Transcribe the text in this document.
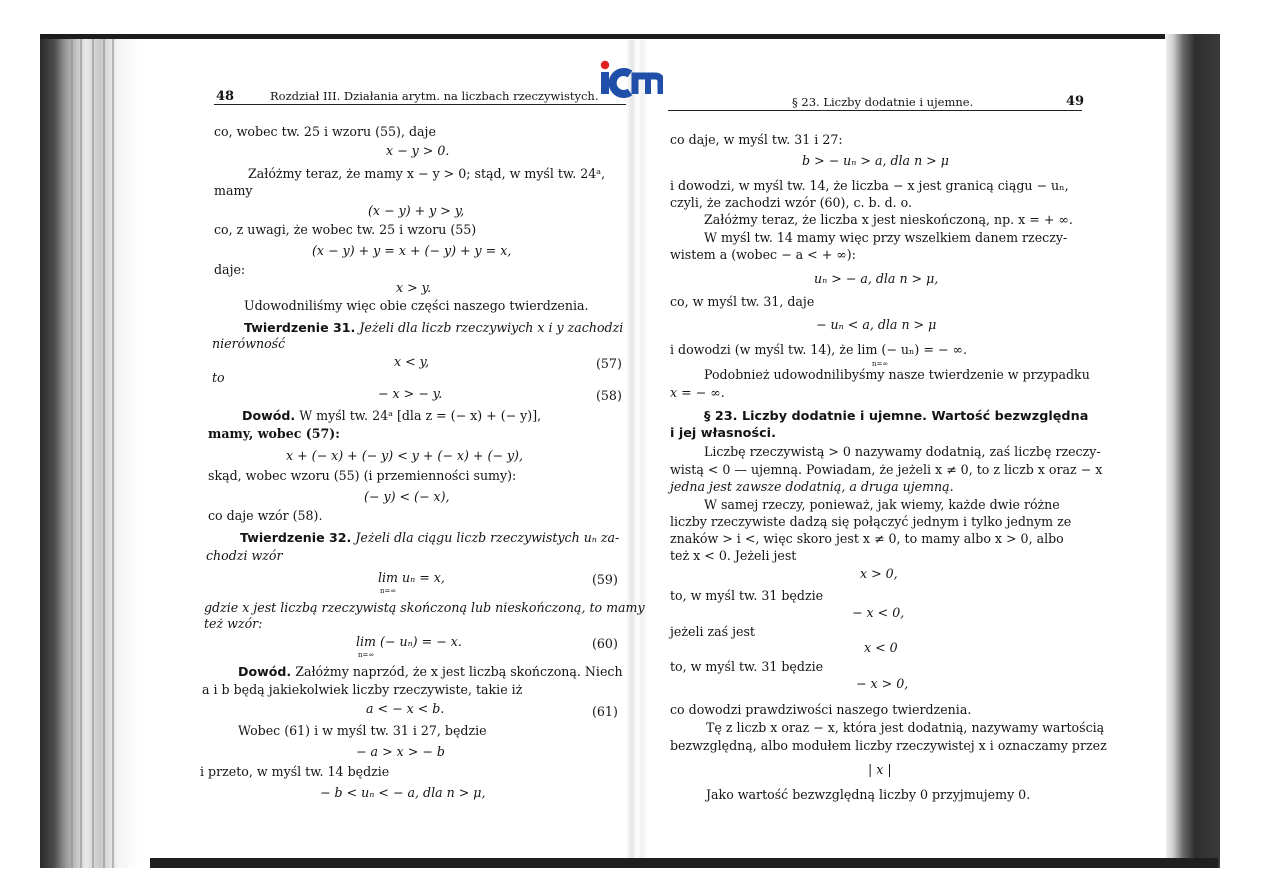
48	Rozdział III. Działania arytm. na liczbach rzeczywistych.
co, wobec tw. 25 i wzoru (55), daje
x − y > 0.
Załóżmy teraz, że mamy x − y > 0; stąd, w myśl tw. 24ᵃ,
mamy
(x − y) + y > y,
co, z uwagi, że wobec tw. 25 i wzoru (55)
(x − y) + y = x + (− y) + y = x,
daje:
x > y.
Udowodniliśmy więc obie części naszego twierdzenia.
Twierdzenie 31. Jeżeli dla liczb rzeczywiych x i y zachodzi
nierówność
x < y,	(57)
to
− x > − y.	(58)
Dowód. W myśl tw. 24ᵃ [dla z = (− x) + (− y)],
mamy, wobec (57):
x + (− x) + (− y) < y + (− x) + (− y),
skąd, wobec wzoru (55) (i przemienności sumy):
(− y) < (− x),
co daje wzór (58).
Twierdzenie 32. Jeżeli dla ciągu liczb rzeczywistych uₙ za-
chodzi wzór
lim uₙ = x,
n=∞
(59)
gdzie x jest liczbą rzeczywistą skończoną lub nieskończoną, to mamy
też wzór:
lim (− uₙ) = − x.
n=∞
(60)
Dowód. Załóżmy naprzód, że x jest liczbą skończoną. Niech
a i b będą jakiekolwiek liczby rzeczywiste, takie iż
a < − x < b.	(61)
Wobec (61) i w myśl tw. 31 i 27, będzie
− a > x > − b
i przeto, w myśl tw. 14 będzie
− b < uₙ < − a, dla n > μ,
§ 23. Liczby dodatnie i ujemne.	49
co daje, w myśl tw. 31 i 27:
b > − uₙ > a, dla n > μ
i dowodzi, w myśl tw. 14, że liczba − x jest granicą ciągu − uₙ,
czyli, że zachodzi wzór (60), c. b. d. o.
Załóżmy teraz, że liczba x jest nieskończoną, np. x = + ∞.
W myśl tw. 14 mamy więc przy wszelkiem danem rzeczy-
wistem a (wobec − a < + ∞):
uₙ > − a, dla n > μ,
co, w myśl tw. 31, daje
− uₙ < a, dla n > μ
i dowodzi (w myśl tw. 14), że lim (− uₙ) = − ∞.
n=∞
Podobnież udowodnilibyśmy nasze twierdzenie w przypadku
x = − ∞.
§ 23. Liczby dodatnie i ujemne. Wartość bezwzględna
i jej własności.
Liczbę rzeczywistą > 0 nazywamy dodatnią, zaś liczbę rzeczy-
wistą < 0 — ujemną. Powiadam, że jeżeli x ≠ 0, to z liczb x oraz − x
jedna jest zawsze dodatnią, a druga ujemną.
W samej rzeczy, ponieważ, jak wiemy, każde dwie różne
liczby rzeczywiste dadzą się połączyć jednym i tylko jednym ze
znaków > i <, więc skoro jest x ≠ 0, to mamy albo x > 0, albo
też x < 0. Jeżeli jest
x > 0,
to, w myśl tw. 31 będzie
− x < 0,
jeżeli zaś jest
x < 0
to, w myśl tw. 31 będzie
− x > 0,
co dowodzi prawdziwości naszego twierdzenia.
Tę z liczb x oraz − x, która jest dodatnią, nazywamy wartością
bezwzględną, albo modułem liczby rzeczywistej x i oznaczamy przez
| x |
Jako wartość bezwzględną liczby 0 przyjmujemy 0.
